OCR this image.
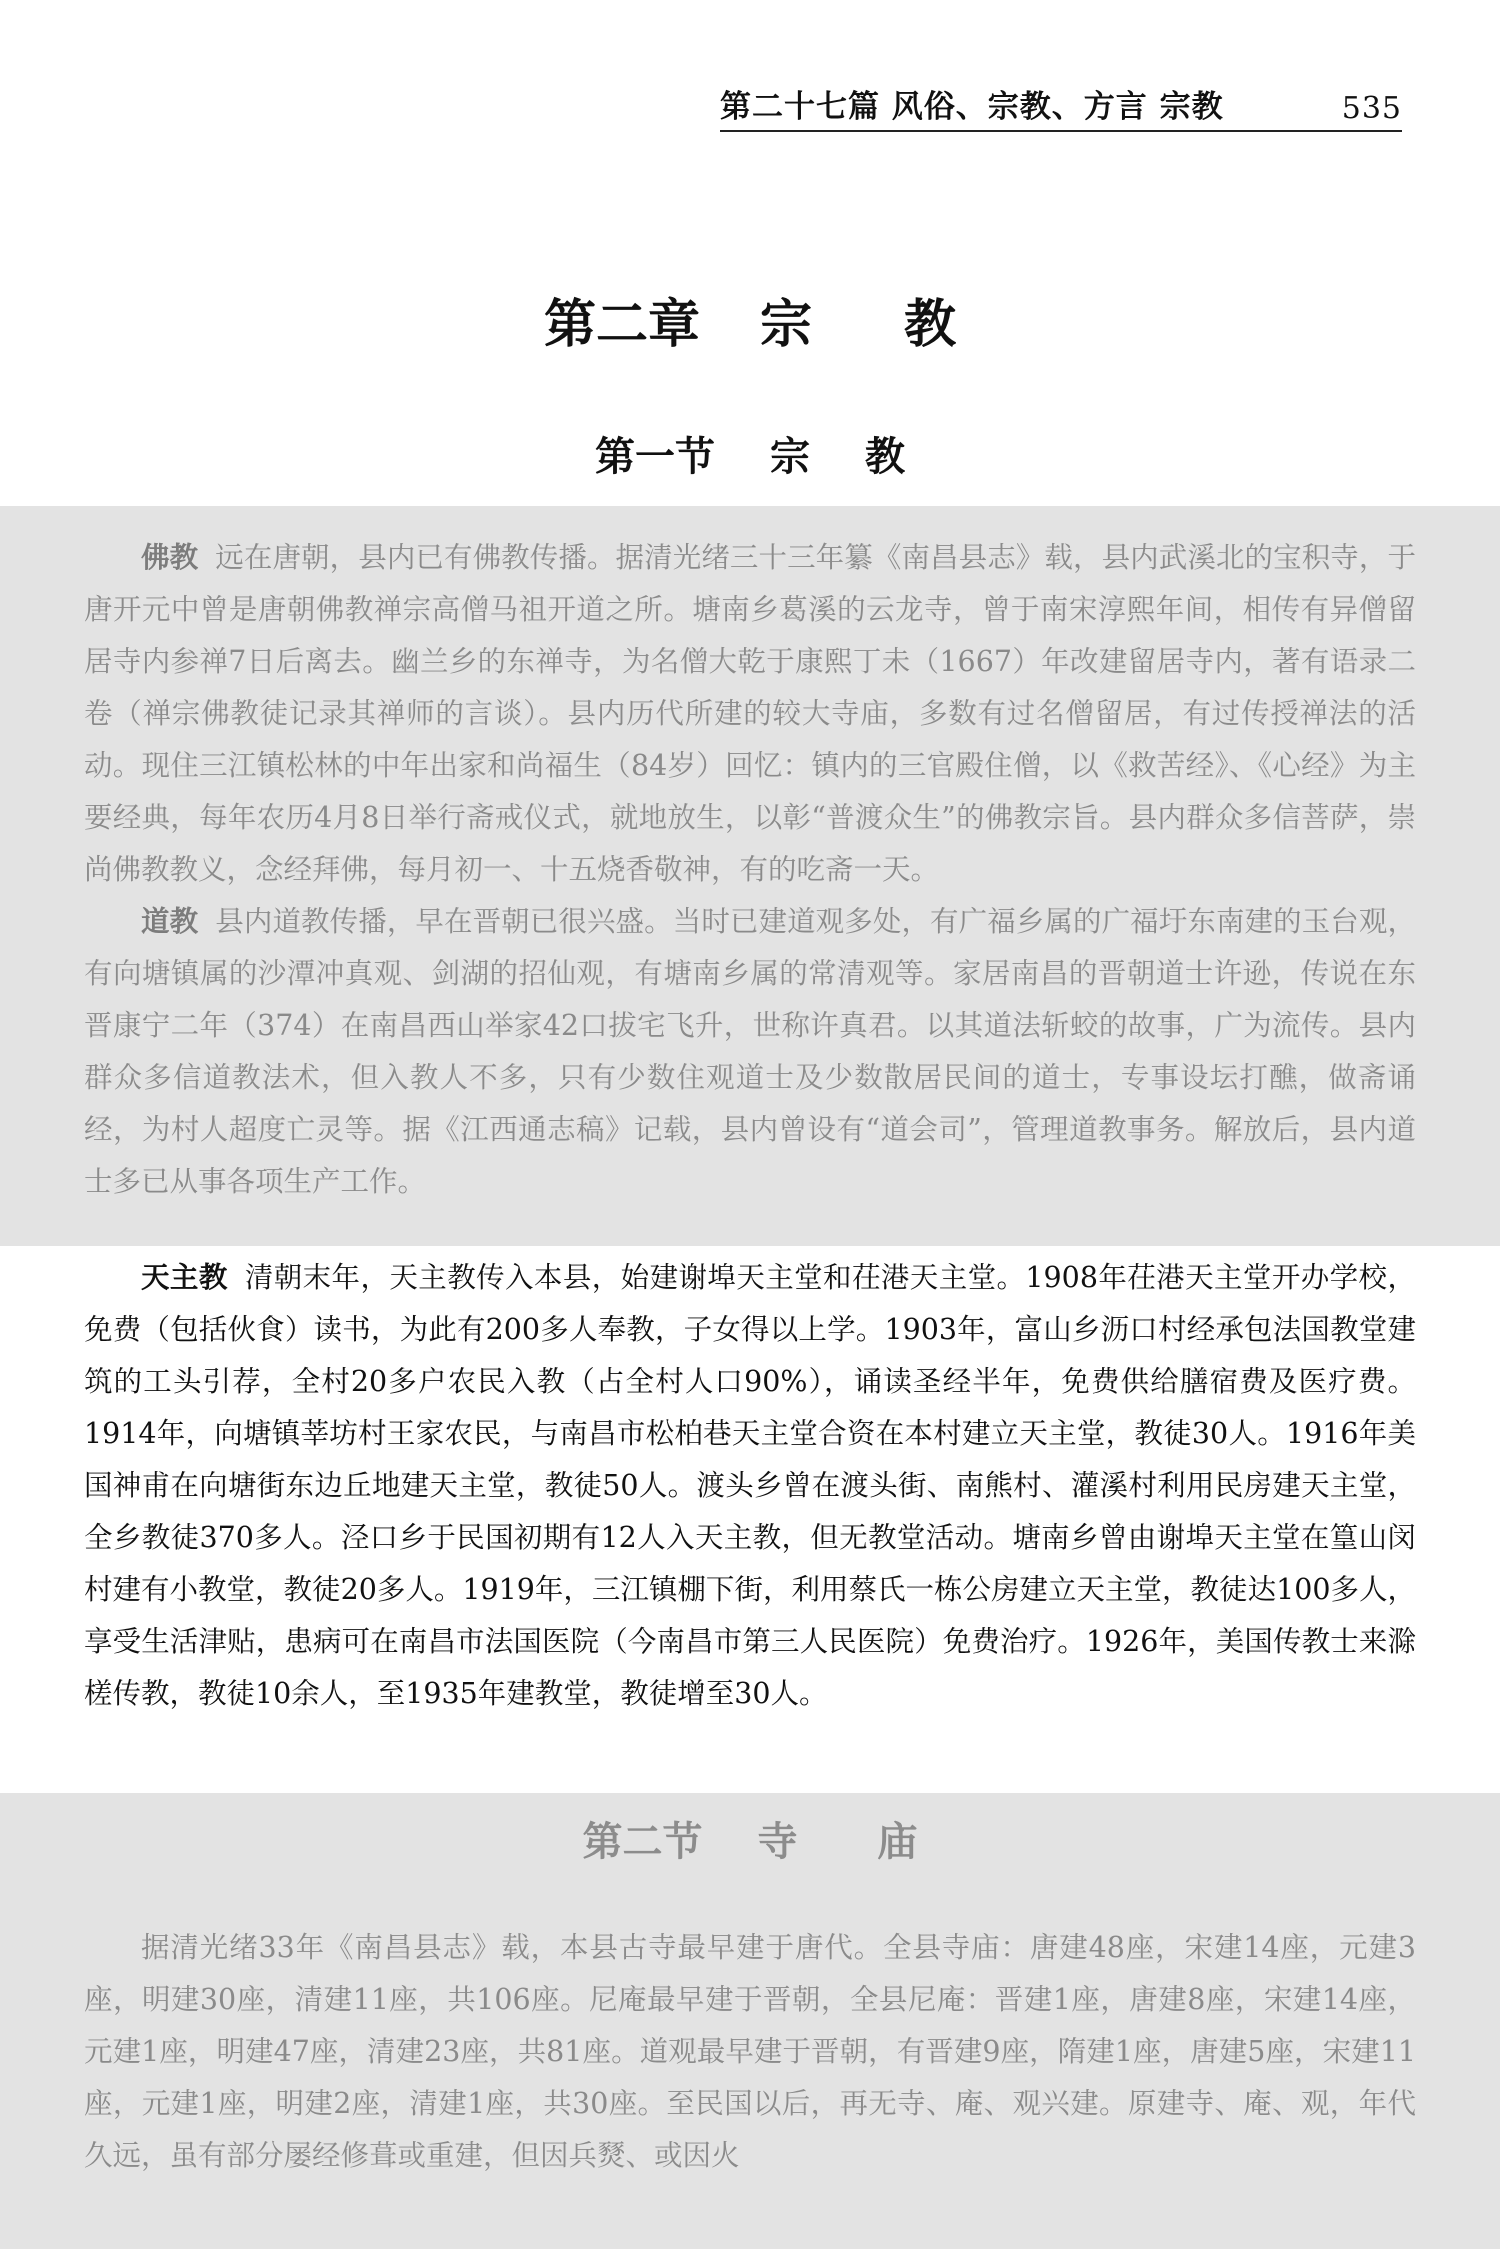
第二十七篇 风俗、宗教、方言 宗教	535
第二章 宗 教
第一节 宗 教

佛教 远在唐朝，县内已有佛教传播。据清光绪三十三年纂《南昌县志》载，县内武溪北的宝积寺，于唐开元中曾是唐朝佛教禅宗高僧马祖开道之所。塘南乡葛溪的云龙寺，曾于南宋淳熙年间，相传有异僧留居寺内参禅7日后离去。幽兰乡的东禅寺，为名僧大乾于康熙丁未（1667）年改建留居寺内，著有语录二卷（禅宗佛教徒记录其禅师的言谈）。县内历代所建的较大寺庙，多数有过名僧留居，有过传授禅法的活动。现住三江镇松林的中年出家和尚福生（84岁）回忆：镇内的三官殿住僧，以《救苦经》、《心经》为主要经典，每年农历4月8日举行斋戒仪式，就地放生，以彰“普渡众生”的佛教宗旨。县内群众多信菩萨，崇尚佛教教义，念经拜佛，每月初一、十五烧香敬神，有的吃斋一天。

道教 县内道教传播，早在晋朝已很兴盛。当时已建道观多处，有广福乡属的广福圩东南建的玉台观，有向塘镇属的沙潭冲真观、剑湖的招仙观，有塘南乡属的常清观等。家居南昌的晋朝道士许逊，传说在东晋康宁二年（374）在南昌西山举家42口拔宅飞升，世称许真君。以其道法斩蛟的故事，广为流传。县内群众多信道教法术，但入教人不多，只有少数住观道士及少数散居民间的道士，专事设坛打醮，做斋诵经，为村人超度亡灵等。据《江西通志稿》记载，县内曾设有“道会司”，管理道教事务。解放后，县内道士多已从事各项生产工作。

天主教 清朝末年，天主教传入本县，始建谢埠天主堂和茌港天主堂。1908年茌港天主堂开办学校，免费（包括伙食）读书，为此有200多人奉教，子女得以上学。1903年，富山乡沥口村经承包法国教堂建筑的工头引荐，全村20多户农民入教（占全村人口90%），诵读圣经半年，免费供给膳宿费及医疗费。1914年，向塘镇莘坊村王家农民，与南昌市松柏巷天主堂合资在本村建立天主堂，教徒30人。1916年美国神甫在向塘街东边丘地建天主堂，教徒50人。渡头乡曾在渡头街、南熊村、灌溪村利用民房建天主堂，全乡教徒370多人。泾口乡于民国初期有12人入天主教，但无教堂活动。塘南乡曾由谢埠天主堂在篁山闵村建有小教堂，教徒20多人。1919年，三江镇棚下街，利用蔡氏一栋公房建立天主堂，教徒达100多人，享受生活津贴，患病可在南昌市法国医院（今南昌市第三人民医院）免费治疗。1926年，美国传教士来滁槎传教，教徒10余人，至1935年建教堂，教徒增至30人。

第二节 寺 庙

据清光绪33年《南昌县志》载，本县古寺最早建于唐代。全县寺庙：唐建48座，宋建14座，元建3座，明建30座，清建11座，共106座。尼庵最早建于晋朝，全县尼庵：晋建1座，唐建8座，宋建14座，元建1座，明建47座，清建23座，共81座。道观最早建于晋朝，有晋建9座，隋建1座，唐建5座，宋建11座，元建1座，明建2座，清建1座，共30座。至民国以后，再无寺、庵、观兴建。原建寺、庵、观，年代久远，虽有部分屡经修葺或重建，但因兵燹、或因火
